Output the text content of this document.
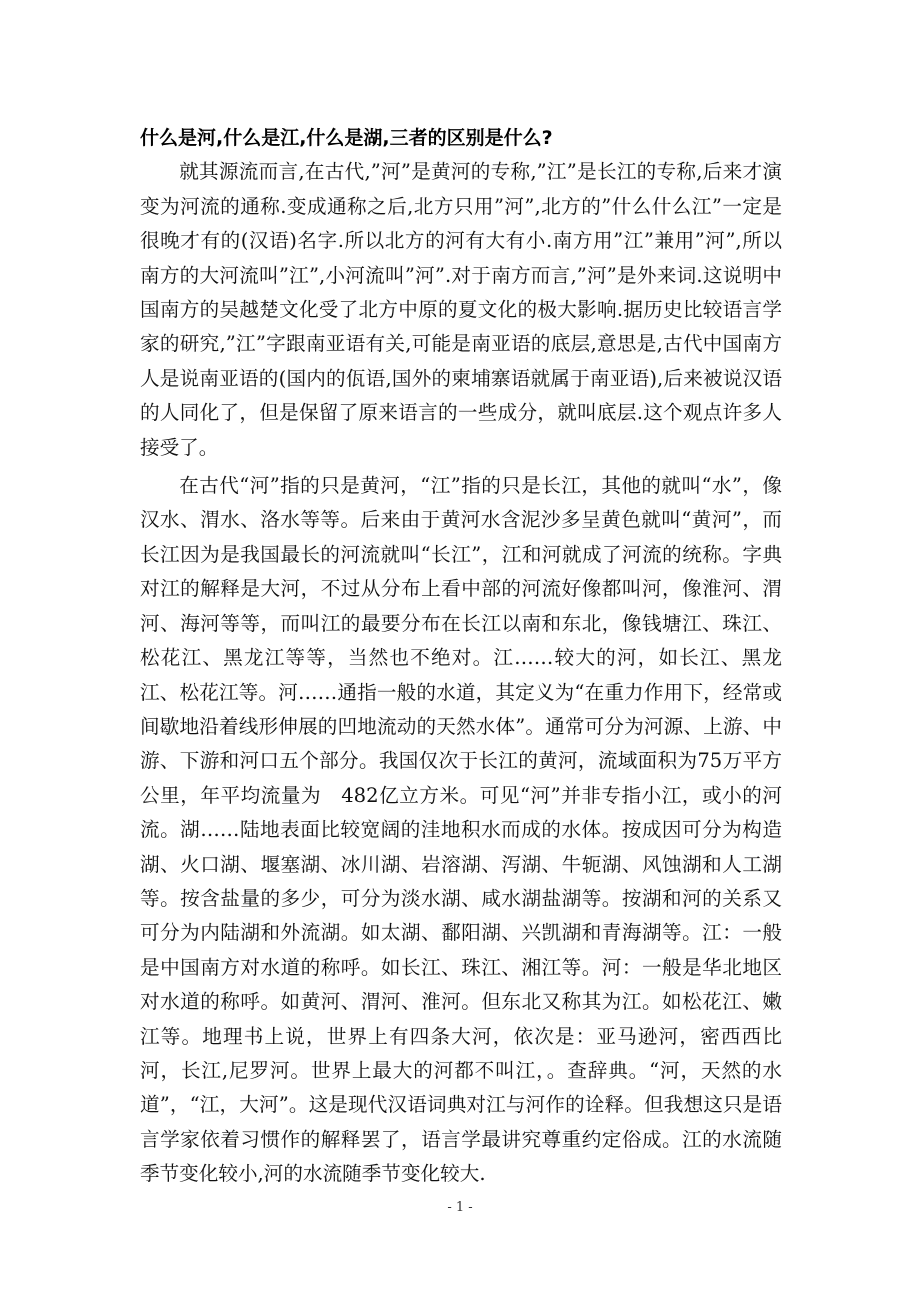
什么是河,什么是江,什么是湖,三者的区别是什么?

就其源流而言,在古代,”河”是黄河的专称,”江”是长江的专称,后来才演变为河流的通称.变成通称之后,北方只用”河”,北方的”什么什么江”一定是很晚才有的(汉语)名字.所以北方的河有大有小.南方用”江”兼用”河”,所以南方的大河流叫”江”,小河流叫”河”.对于南方而言,”河”是外来词.这说明中国南方的吴越楚文化受了北方中原的夏文化的极大影响.据历史比较语言学家的研究,”江”字跟南亚语有关,可能是南亚语的底层,意思是,古代中国南方人是说南亚语的(国内的佤语,国外的柬埔寨语就属于南亚语),后来被说汉语的人同化了，但是保留了原来语言的一些成分，就叫底层.这个观点许多人接受了。

在古代“河”指的只是黄河，“江”指的只是长江，其他的就叫“水”，像汉水、渭水、洛水等等。后来由于黄河水含泥沙多呈黄色就叫“黄河”，而长江因为是我国最长的河流就叫“长江”，江和河就成了河流的统称。字典对江的解释是大河，不过从分布上看中部的河流好像都叫河，像淮河、渭河、海河等等，而叫江的最要分布在长江以南和东北，像钱塘江、珠江、松花江、黑龙江等等，当然也不绝对。江……较大的河，如长江、黑龙江、松花江等。河……通指一般的水道，其定义为“在重力作用下，经常或间歇地沿着线形伸展的凹地流动的天然水体”。通常可分为河源、上游、中游、下游和河口五个部分。我国仅次于长江的黄河，流域面积为75万平方公里，年平均流量为　482亿立方米。可见“河”并非专指小江，或小的河流。湖……陆地表面比较宽阔的洼地积水而成的水体。按成因可分为构造湖、火口湖、堰塞湖、冰川湖、岩溶湖、泻湖、牛轭湖、风蚀湖和人工湖等。按含盐量的多少，可分为淡水湖、咸水湖盐湖等。按湖和河的关系又可分为内陆湖和外流湖。如太湖、鄱阳湖、兴凯湖和青海湖等。江：一般是中国南方对水道的称呼。如长江、珠江、湘江等。河：一般是华北地区对水道的称呼。如黄河、渭河、淮河。但东北又称其为江。如松花江、嫩江等。地理书上说，世界上有四条大河，依次是：亚马逊河，密西西比河，长江,尼罗河。世界上最大的河都不叫江，。查辞典。“河，天然的水道”，“江，大河”。这是现代汉语词典对江与河作的诠释。但我想这只是语言学家依着习惯作的解释罢了，语言学最讲究尊重约定俗成。江的水流随季节变化较小,河的水流随季节变化较大.

- 1 -
